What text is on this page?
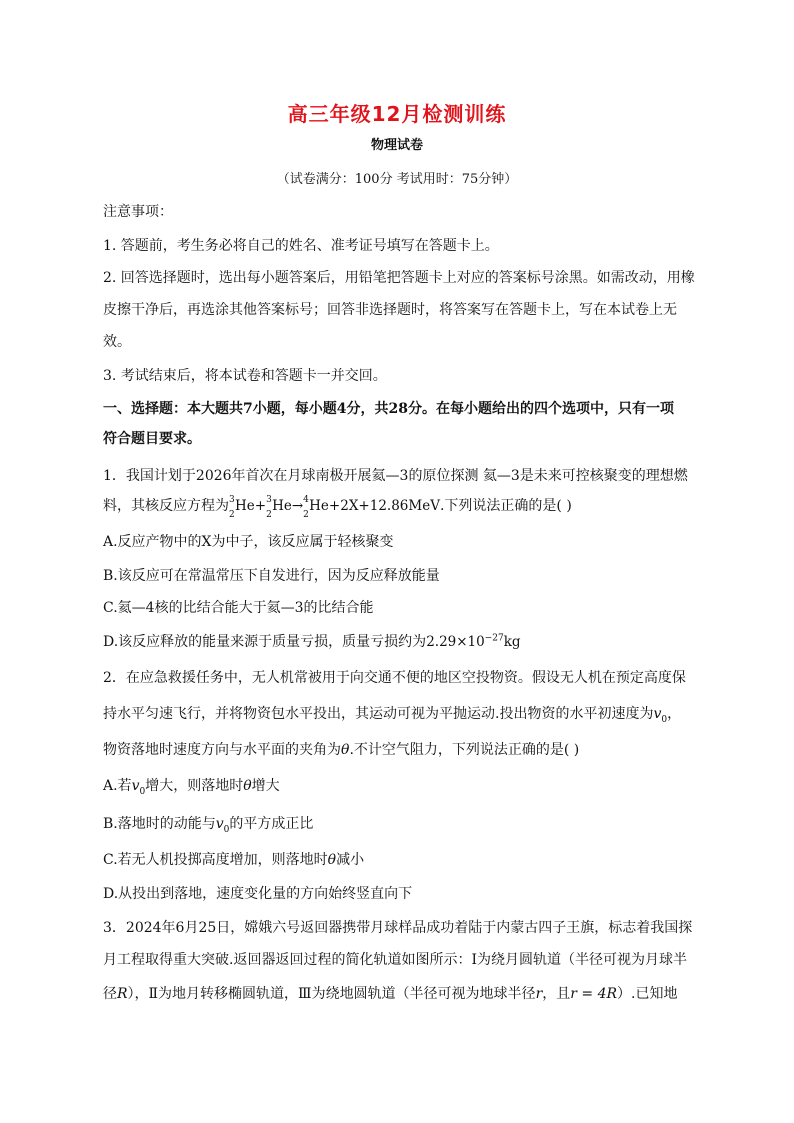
高三年级12月检测训练
物理试卷
（试卷满分：100分 考试用时：75分钟）
注意事项：
1. 答题前，考生务必将自己的姓名、准考证号填写在答题卡上。
2. 回答选择题时，选出每小题答案后，用铅笔把答题卡上对应的答案标号涂黑。如需改动，用橡
皮擦干净后，再选涂其他答案标号；回答非选择题时，将答案写在答题卡上，写在本试卷上无
效。
3. 考试结束后，将本试卷和答题卡一并交回。
一、选择题：本大题共7小题，每小题4分，共28分。在每小题给出的四个选项中，只有一项
符合题目要求。
1．我国计划于2026年首次在月球南极开展氦—3的原位探测 氦—3是未来可控核聚变的理想燃
料，其核反应方程为 3
2
He+ 3
2
He→ 4
2
He+2X+12.86MeV.下列说法正确的是( )
A.反应产物中的X为中子，该反应属于轻核聚变
B.该反应可在常温常压下自发进行，因为反应释放能量
C.氦—4核的比结合能大于氦—3的比结合能
D.该反应释放的能量来源于质量亏损，质量亏损约为$2.29\times 10^{-27}kg$
2．在应急救援任务中，无人机常被用于向交通不便的地区空投物资。假设无人机在预定高度保
持水平匀速飞行，并将物资包水平投出，其运动可视为平抛运动.投出物资的水平初速度为$v_0$，
物资落地时速度方向与水平面的夹角为θ.不计空气阻力，下列说法正确的是( )
A.若$v_0$增大，则落地时θ增大
B.落地时的动能与$v_0$的平方成正比
C.若无人机投掷高度增加，则落地时θ减小
D.从投出到落地，速度变化量的方向始终竖直向下
3．2024年6月25日，嫦娥六号返回器携带月球样品成功着陆于内蒙古四子王旗，标志着我国探
月工程取得重大突破.返回器返回过程的简化轨道如图所示：Ⅰ为绕月圆轨道（半径可视为月球半
径R），Ⅱ为地月转移椭圆轨道，Ⅲ为绕地圆轨道（半径可视为地球半径r，且r = 4R）.已知地
